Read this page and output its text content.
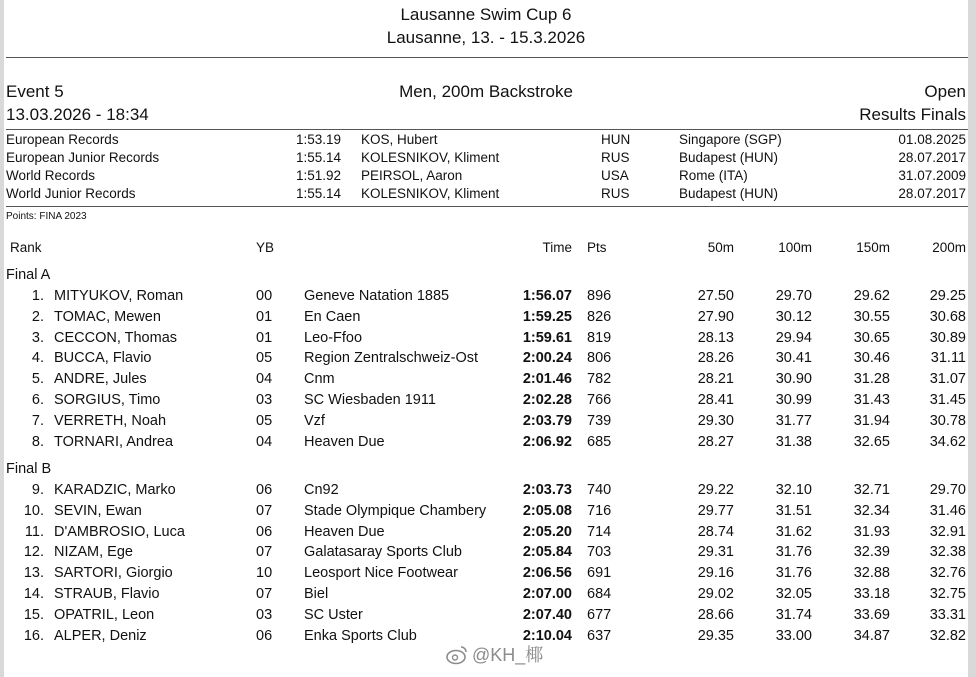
Lausanne Swim Cup 6
Lausanne, 13. - 15.3.2026
Event 5	Men, 200m Backstroke	Open
13.03.2026 - 18:34	Results Finals
European Records	1:53.19 KOS, Hubert	HUN	Singapore (SGP)	01.08.2025
European Junior Records	1:55.14 KOLESNIKOV, Kliment	RUS	Budapest (HUN)	28.07.2017
World Records	1:51.92 PEIRSOL, Aaron	USA	Rome (ITA)	31.07.2009
World Junior Records	1:55.14 KOLESNIKOV, Kliment	RUS	Budapest (HUN)	28.07.2017
Points: FINA 2023
Rank	YB	Time Pts	50m	100m	150m	200m
Final A
1. MITYUKOV, Roman	00 Geneve Natation 1885	1:56.07 896	27.50	29.70	29.62	29.25
2. TOMAC, Mewen	01 En Caen	1:59.25 826	27.90	30.12	30.55	30.68
3. CECCON, Thomas	01 Leo-Ffoo	1:59.61 819	28.13	29.94	30.65	30.89
4. BUCCA, Flavio	05 Region Zentralschweiz-Ost	2:00.24 806	28.26	30.41	30.46	31.11
5. ANDRE, Jules	04 Cnm	2:01.46 782	28.21	30.90	31.28	31.07
6. SORGIUS, Timo	03 SC Wiesbaden 1911	2:02.28 766	28.41	30.99	31.43	31.45
7. VERRETH, Noah	05 Vzf	2:03.79 739	29.30	31.77	31.94	30.78
8. TORNARI, Andrea	04 Heaven Due	2:06.92 685	28.27	31.38	32.65	34.62
Final B
9. KARADZIC, Marko	06 Cn92	2:03.73 740	29.22	32.10	32.71	29.70
10. SEVIN, Ewan	07 Stade Olympique Chambery	2:05.08 716	29.77	31.51	32.34	31.46
11. D'AMBROSIO, Luca	06 Heaven Due	2:05.20 714	28.74	31.62	31.93	32.91
12. NIZAM, Ege	07 Galatasaray Sports Club	2:05.84 703	29.31	31.76	32.39	32.38
13. SARTORI, Giorgio	10 Leosport Nice Footwear	2:06.56 691	29.16	31.76	32.88	32.76
14. STRAUB, Flavio	07 Biel	2:07.00 684	29.02	32.05	33.18	32.75
15. OPATRIL, Leon	03 SC Uster	2:07.40 677	28.66	31.74	33.69	33.31
16. ALPER, Deniz	06 Enka Sports Club	2:10.04 637	29.35	33.00	34.87	32.82
@KH_椰
